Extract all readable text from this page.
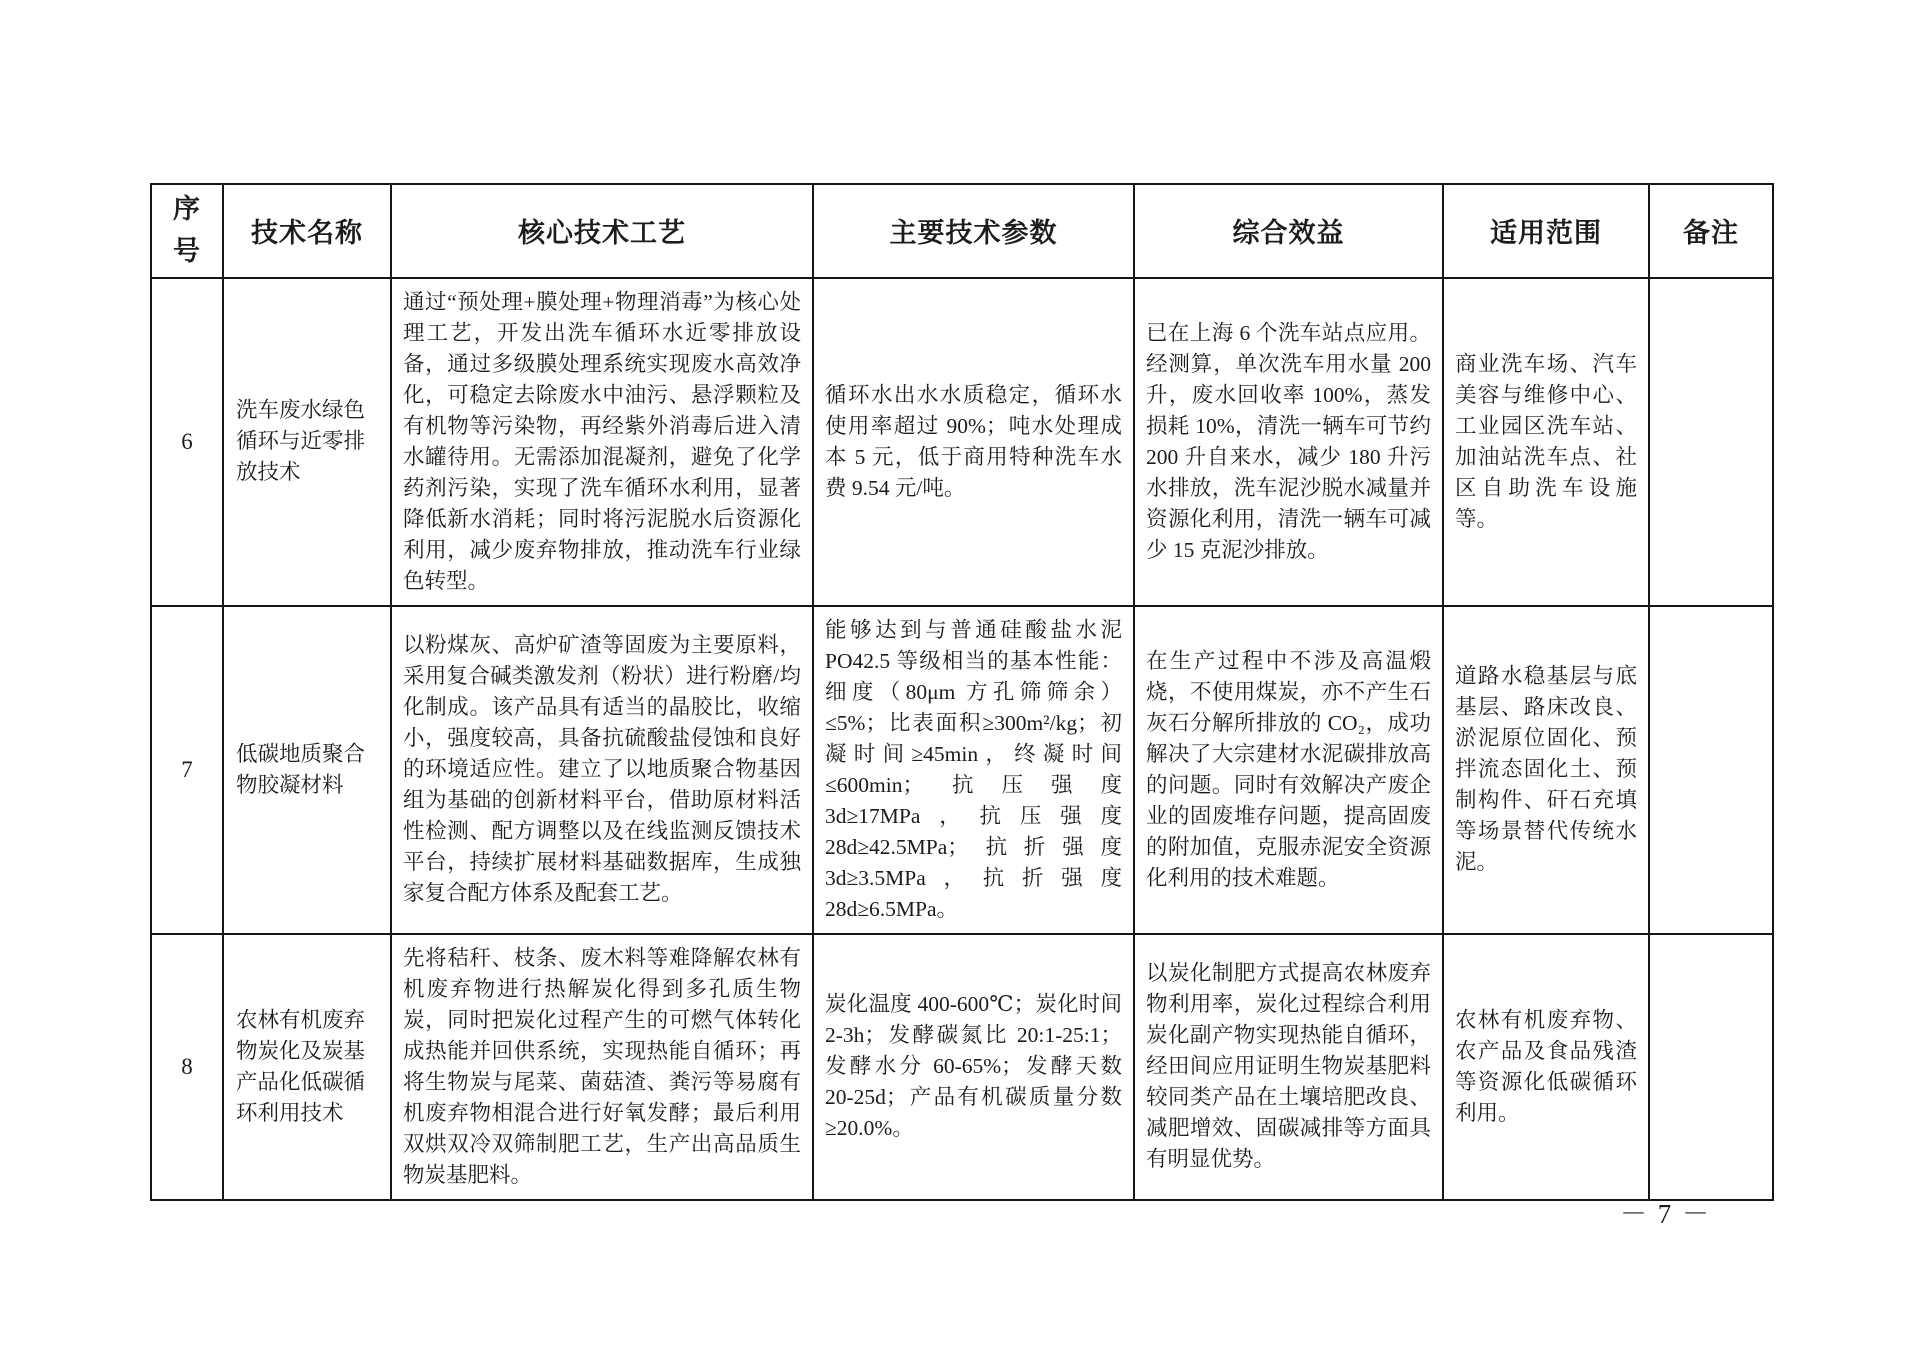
序号	技术名称	核心技术工艺	主要技术参数	综合效益	适用范围	备注
6	洗车废水绿色循环与近零排放技术	通过“预处理+膜处理+物理消毒”为核心处理工艺，开发出洗车循环水近零排放设备，通过多级膜处理系统实现废水高效净化，可稳定去除废水中油污、悬浮颗粒及有机物等污染物，再经紫外消毒后进入清水罐待用。无需添加混凝剂，避免了化学药剂污染，实现了洗车循环水利用，显著降低新水消耗；同时将污泥脱水后资源化利用，减少废弃物排放，推动洗车行业绿色转型。	循环水出水水质稳定，循环水使用率超过 90%；吨水处理成本 5 元，低于商用特种洗车水费 9.54 元/吨。	已在上海 6 个洗车站点应用。经测算，单次洗车用水量 200 升，废水回收率 100%，蒸发损耗 10%，清洗一辆车可节约 200 升自来水，减少 180 升污水排放，洗车泥沙脱水减量并资源化利用，清洗一辆车可减少 15 克泥沙排放。	商业洗车场、汽车美容与维修中心、工业园区洗车站、加油站洗车点、社区自助洗车设施等。	
7	低碳地质聚合物胶凝材料	以粉煤灰、高炉矿渣等固废为主要原料，采用复合碱类激发剂（粉状）进行粉磨/均化制成。该产品具有适当的晶胶比，收缩小，强度较高，具备抗硫酸盐侵蚀和良好的环境适应性。建立了以地质聚合物基因组为基础的创新材料平台，借助原材料活性检测、配方调整以及在线监测反馈技术平台，持续扩展材料基础数据库，生成独家复合配方体系及配套工艺。	能够达到与普通硅酸盐水泥 PO42.5 等级相当的基本性能：细度（80μm 方孔筛筛余）≤5%；比表面积≥300m²/kg；初凝时间≥45min，终凝时间≤600min；抗压强度 3d≥17MPa，抗压强度 28d≥42.5MPa；抗折强度 3d≥3.5MPa，抗折强度 28d≥6.5MPa。	在生产过程中不涉及高温煅烧，不使用煤炭，亦不产生石灰石分解所排放的 CO₂，成功解决了大宗建材水泥碳排放高的问题。同时有效解决产废企业的固废堆存问题，提高固废的附加值，克服赤泥安全资源化利用的技术难题。	道路水稳基层与底基层、路床改良、淤泥原位固化、预拌流态固化土、预制构件、矸石充填等场景替代传统水泥。	
8	农林有机废弃物炭化及炭基产品化低碳循环利用技术	先将秸秆、枝条、废木料等难降解农林有机废弃物进行热解炭化得到多孔质生物炭，同时把炭化过程产生的可燃气体转化成热能并回供系统，实现热能自循环；再将生物炭与尾菜、菌菇渣、粪污等易腐有机废弃物相混合进行好氧发酵；最后利用双烘双冷双筛制肥工艺，生产出高品质生物炭基肥料。	炭化温度 400-600℃；炭化时间 2-3h；发酵碳氮比 20:1-25:1；发酵水分 60-65%；发酵天数 20-25d；产品有机碳质量分数≥20.0%。	以炭化制肥方式提高农林废弃物利用率，炭化过程综合利用炭化副产物实现热能自循环，经田间应用证明生物炭基肥料较同类产品在土壤培肥改良、减肥增效、固碳减排等方面具有明显优势。	农林有机废弃物、农产品及食品残渣等资源化低碳循环利用。	
－ 7 －
